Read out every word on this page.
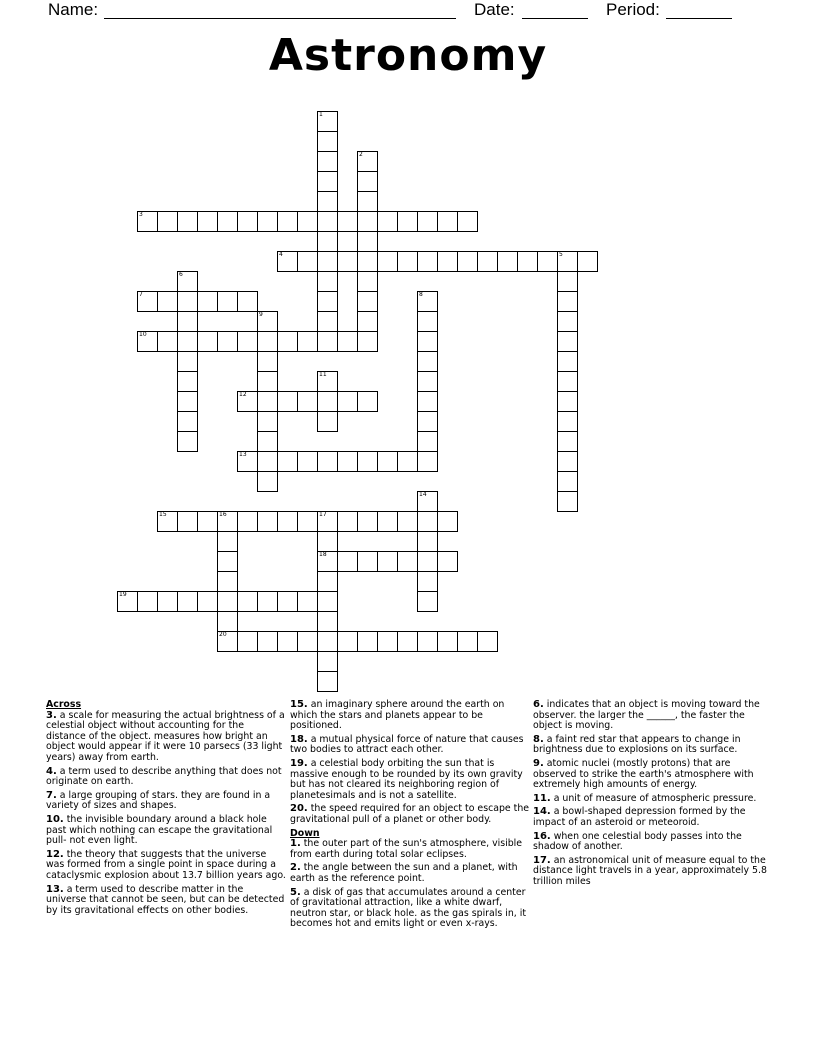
Name:	Date:	Period:
Astronomy
1
2
3
4	5
6
7	8
9
10
11
12
13
14
15	16	17
20
18
19
Across
3. a scale for measuring the actual brightness of a celestial object without accounting for the distance of the object. measures how bright an object would appear if it were 10 parsecs (33 light years) away from earth.
4. a term used to describe anything that does not originate on earth.
7. a large grouping of stars. they are found in a variety of sizes and shapes.
10. the invisible boundary around a black hole past which nothing can escape the gravitational pull- not even light.
12. the theory that suggests that the universe was formed from a single point in space during a cataclysmic explosion about 13.7 billion years ago.
13. a term used to describe matter in the universe that cannot be seen, but can be detected by its gravitational effects on other bodies.
15. an imaginary sphere around the earth on which the stars and planets appear to be positioned.
18. a mutual physical force of nature that causes two bodies to attract each other.
19. a celestial body orbiting the sun that is massive enough to be rounded by its own gravity but has not cleared its neighboring region of planetesimals and is not a satellite.
20. the speed required for an object to escape the gravitational pull of a planet or other body.
Down
1. the outer part of the sun's atmosphere, visible from earth during total solar eclipses.
2. the angle between the sun and a planet, with earth as the reference point.
5. a disk of gas that accumulates around a center of gravitational attraction, like a white dwarf, neutron star, or black hole. as the gas spirals in, it becomes hot and emits light or even x-rays.
6. indicates that an object is moving toward the observer. the larger the ______, the faster the object is moving.
8. a faint red star that appears to change in brightness due to explosions on its surface.
9. atomic nuclei (mostly protons) that are observed to strike the earth's atmosphere with extremely high amounts of energy.
11. a unit of measure of atmospheric pressure.
14. a bowl-shaped depression formed by the impact of an asteroid or meteoroid.
16. when one celestial body passes into the shadow of another.
17. an astronomical unit of measure equal to the distance light travels in a year, approximately 5.8 trillion miles
